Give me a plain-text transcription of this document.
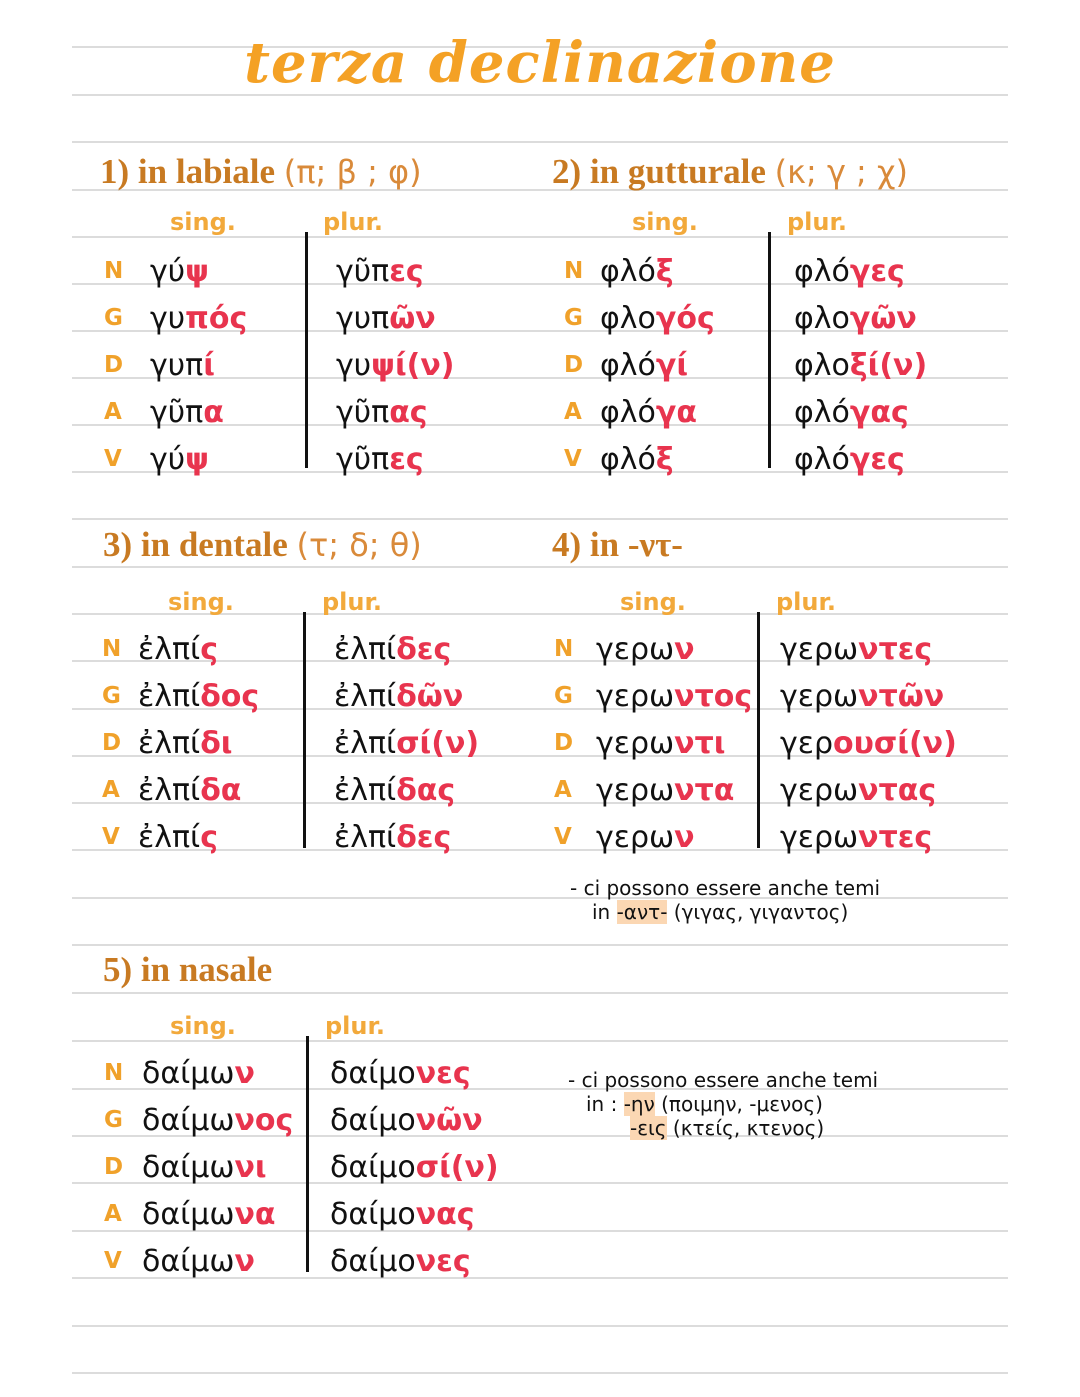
terza declinazione
1) in labiale (π; β ; φ)
sing.	plur.
2) in gutturale (κ; γ ; χ)
sing.	plur.
3) in dentale (τ; δ; θ)
sing.	plur.
4) in -ντ-
sing.	plur.
5) in nasale
sing.	plur.
- ci possono essere anche temi
in -αντ- (γιγας, γιγαντος)
- ci possono essere anche temi
in : -ην (ποιμην, -μενος)
-εις (κτείς, κτενος)
N γύψ	γῦπες
G γυπός	γυπῶν
D γυπί	γυψί(ν)
A γῦπα	γῦπας
V γύψ	γῦπες
N φλόξ	φλόγες
G φλογός	φλογῶν
D φλόγί	φλοξί(ν)
A φλόγα	φλόγας
V φλόξ	φλόγες
N ἐλπίς	ἐλπίδες
G ἐλπίδος ἐλπίδῶν
D ἐλπίδι	ἐλπίσί(ν)
A ἐλπίδα	ἐλπίδας
V ἐλπίς	ἐλπίδες
N γερων	γερωντες
G γερωντος γερωντῶν
D γερωντι γερουσί(ν)
A γερωντα γερωντας
V γερων	γερωντες
N δαίμων	δαίμονες
G δαίμωνος δαίμονῶν
D δαίμωνι δαίμοσί(ν)
A δαίμωνα δαίμονας
V δαίμων	δαίμονες
